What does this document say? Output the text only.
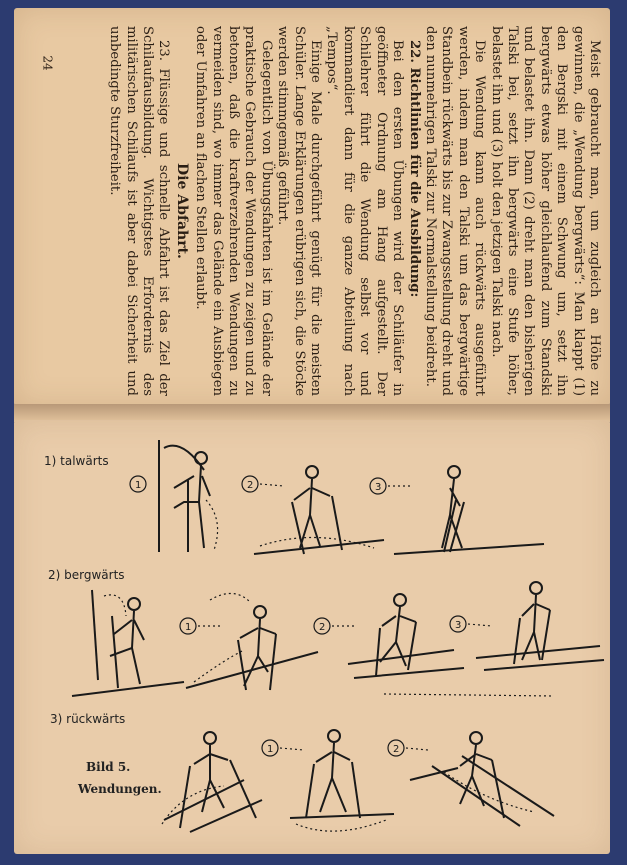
Meist gebraucht man, um zugleich an Höhe zu gewinnen, die „Wendung bergwärts“: Man klappt (1) den Bergski mit einem Schwung um, setzt ihn bergwärts etwas höher gleichlaufend zum Standski und belastet ihn. Dann (2) dreht man den bisherigen Talski bei, setzt ihn bergwärts eine Stufe höher, belastet ihn und (3) holt den jetzigen Talski nach.

Die Wendung kann auch rückwärts ausgeführt werden, indem man den Talski um das bergwärtige Standbein rückwärts bis zur Zwangsstellung dreht und den nunmehrigen Talski zur Normalstellung beidreht.

22. Richtlinien für die Ausbildung:

Bei den ersten Übungen wird der Schiläufer in geöffneter Ordnung am Hang aufgestellt. Der Schilehrer führt die Wendung selbst vor und kommandiert dann für die ganze Abteilung nach „Tempos“.

Einige Male durchgeführt genügt für die meisten Schüler. Lange Erklärungen erübrigen sich, die Stöcke werden stimmgemäß geführt.

Gelegentlich von Übungsfahrten ist im Gelände der praktische Gebrauch der Wendungen zu zeigen und zu betonen, daß die kraftverzehrenden Wendungen zu vermeiden sind, wo immer das Gelände ein Ausbiegen oder Umfahren an flachen Stellen erlaubt.

Die Abfahrt.

23. Flüssige und schnelle Abfahrt ist das Ziel der Schilaufausbildung. Wichtigstes Erfordernis des militärischen Schilaufs ist aber dabei Sicherheit und unbedingte Sturzfreiheit.

24
1) talwärts
2) bergwärts
3) rückwärts
Bild 5.
Wendungen.
1	2	3
1	2	3
1	2
